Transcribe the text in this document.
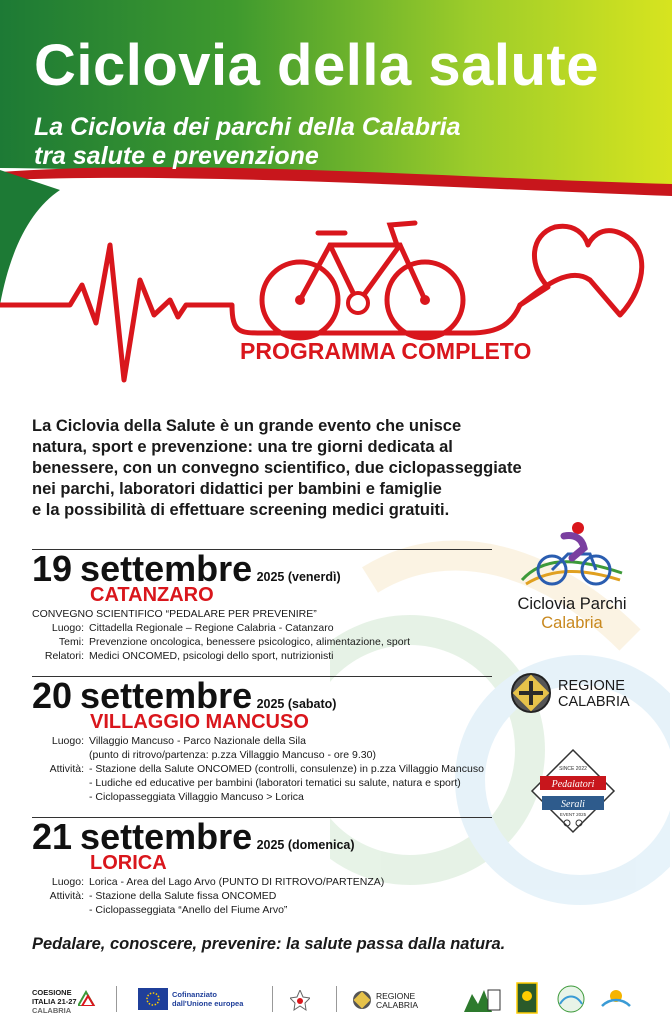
Ciclovia della salute
La Ciclovia dei parchi della Calabria
tra salute e prevenzione
PROGRAMMA COMPLETO
La Ciclovia della Salute è un grande evento che unisce
natura, sport e prevenzione: una tre giorni dedicata al
benessere, con un convegno scientifico, due ciclopasseggiate
nei parchi, laboratori didattici per bambini e famiglie
e la possibilità di effettuare screening medici gratuiti.
19 settembre 2025 (venerdì)
CATANZARO
CONVEGNO SCIENTIFICO “PEDALARE PER PREVENIRE”
Luogo: Cittadella Regionale – Regione Calabria - Catanzaro
Temi: Prevenzione oncologica, benessere psicologico, alimentazione, sport
Relatori: Medici ONCOMED, psicologi dello sport, nutrizionisti
20 settembre 2025 (sabato)
VILLAGGIO MANCUSO
Luogo: Villaggio Mancuso - Parco Nazionale della Sila
(punto di ritrovo/partenza: p.zza Villaggio Mancuso - ore 9.30)
Attività: - Stazione della Salute ONCOMED (controlli, consulenze) in p.zza Villaggio Mancuso
- Ludiche ed educative per bambini (laboratori tematici su salute, natura e sport)
- Ciclopasseggiata Villaggio Mancuso > Lorica
21 settembre 2025 (domenica)
LORICA
Luogo: Lorica - Area del Lago Arvo (PUNTO DI RITROVO/PARTENZA)
Attività: - Stazione della Salute fissa ONCOMED
- Ciclopasseggiata “Anello del Fiume Arvo”
Ciclovia Parchi
Calabria
REGIONE
CALABRIA
SINCE 2022
Pedalatori
Serali
EVENT 2025
Pedalare, conoscere, prevenire: la salute passa dalla natura.
COESIONE
ITALIA 21-27
CALABRIA
Cofinanziato
dall'Unione europea
REGIONE
CALABRIA
